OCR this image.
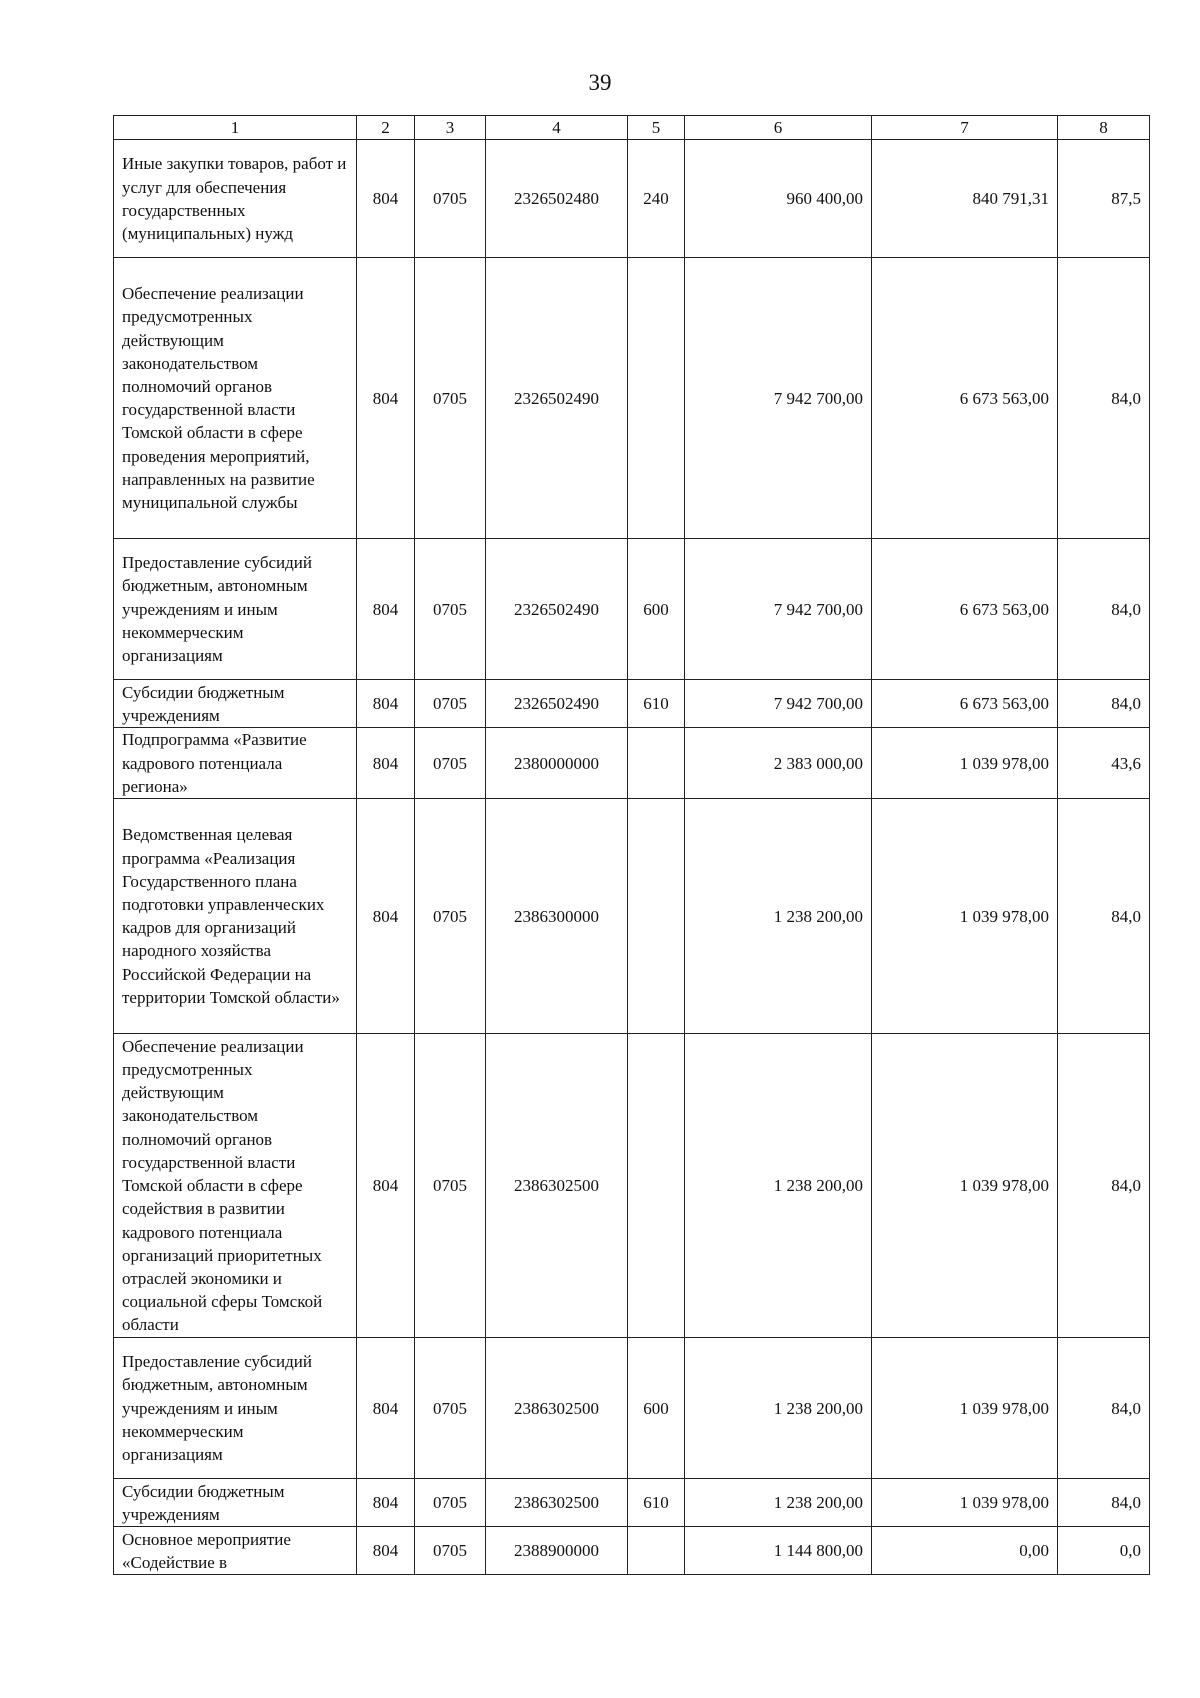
39
1	2	3	4	5	6	7	8
Иные закупки товаров, работ и услуг для обеспечения государственных (муниципальных) нужд	804	0705	2326502480	240	960 400,00	840 791,31	87,5
Обеспечение реализации предусмотренных действующим законодательством полномочий органов государственной власти Томской области в сфере проведения мероприятий, направленных на развитие муниципальной службы	804	0705	2326502490		7 942 700,00	6 673 563,00	84,0
Предоставление субсидий бюджетным, автономным учреждениям и иным некоммерческим организациям	804	0705	2326502490	600	7 942 700,00	6 673 563,00	84,0
Субсидии бюджетным учреждениям	804	0705	2326502490	610	7 942 700,00	6 673 563,00	84,0
Подпрограмма «Развитие кадрового потенциала региона»	804	0705	2380000000		2 383 000,00	1 039 978,00	43,6
Ведомственная целевая программа «Реализация Государственного плана подготовки управленческих кадров для организаций народного хозяйства Российской Федерации на территории Томской области»	804	0705	2386300000		1 238 200,00	1 039 978,00	84,0
Обеспечение реализации предусмотренных действующим законодательством полномочий органов государственной власти Томской области в сфере содействия в развитии кадрового потенциала организаций приоритетных отраслей экономики и социальной сферы Томской области	804	0705	2386302500		1 238 200,00	1 039 978,00	84,0
Предоставление субсидий бюджетным, автономным учреждениям и иным некоммерческим организациям	804	0705	2386302500	600	1 238 200,00	1 039 978,00	84,0
Субсидии бюджетным учреждениям	804	0705	2386302500	610	1 238 200,00	1 039 978,00	84,0
Основное мероприятие «Содействие в	804	0705	2388900000		1 144 800,00	0,00	0,0
